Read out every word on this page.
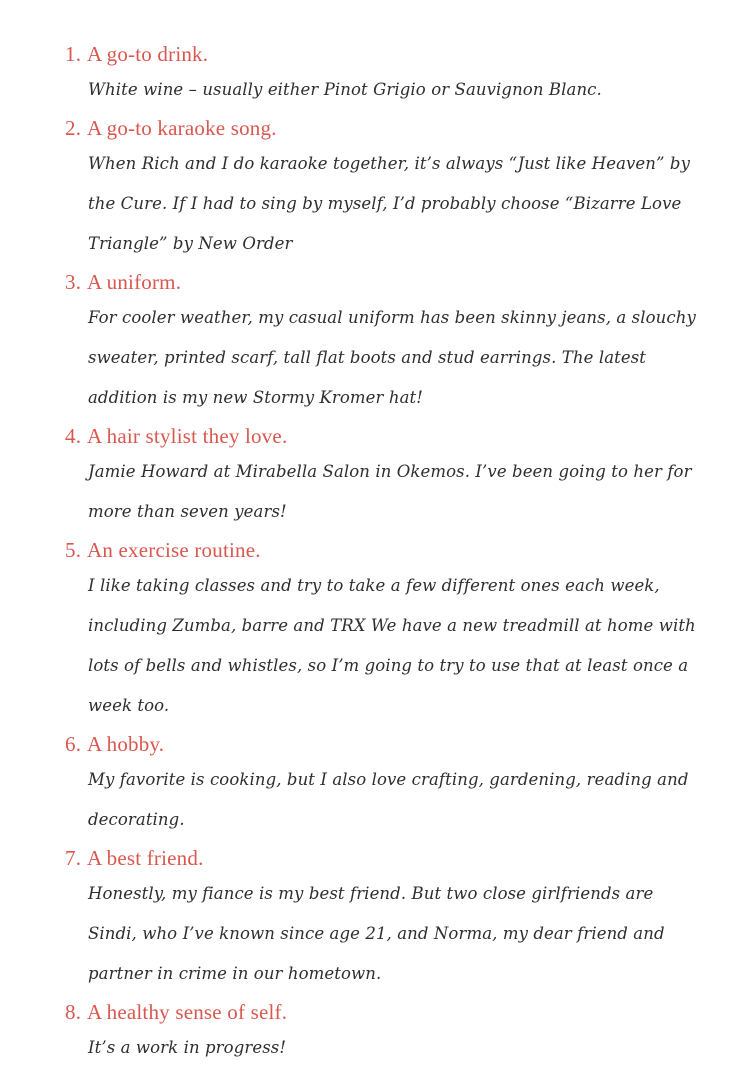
1.A go-to drink.
White wine – usually either Pinot Grigio or Sauvignon Blanc.
2.A go-to karaoke song.
When Rich and I do karaoke together, it’s always “Just like Heaven” by the Cure. If I had to sing by myself, I’d probably choose “Bizarre Love Triangle” by New Order
3.A uniform.
For cooler weather, my casual uniform has been skinny jeans, a slouchy sweater, printed scarf, tall flat boots and stud earrings. The latest addition is my new Stormy Kromer hat!
4.A hair stylist they love.
Jamie Howard at Mirabella Salon in Okemos. I’ve been going to her for more than seven years!
5.An exercise routine.
I like taking classes and try to take a few different ones each week, including Zumba, barre and TRX We have a new treadmill at home with lots of bells and whistles, so I’m going to try to use that at least once a week too.
6.A hobby.
My favorite is cooking, but I also love crafting, gardening, reading and decorating.
7.A best friend.
Honestly, my fiance is my best friend. But two close girlfriends are Sindi, who I’ve known since age 21, and Norma, my dear friend and partner in crime in our hometown.
8.A healthy sense of self.
It’s a work in progress!
